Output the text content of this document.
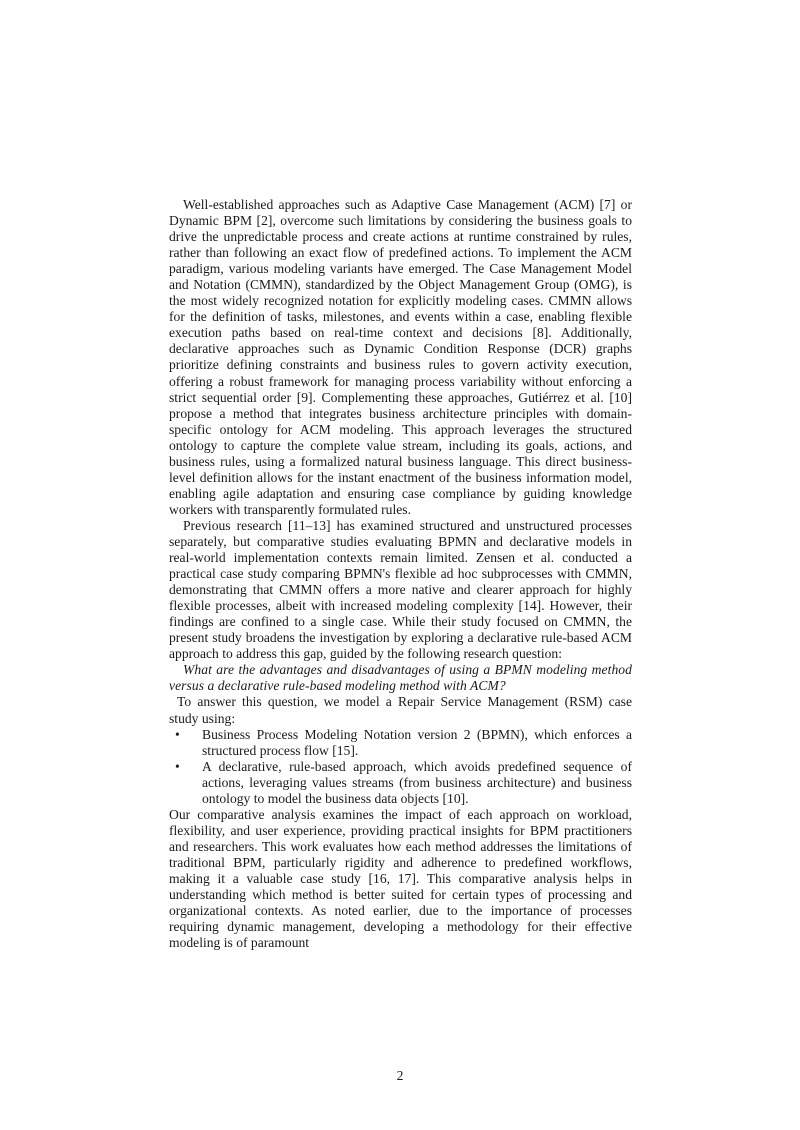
Well-established approaches such as Adaptive Case Management (ACM) [7] or Dynamic BPM [2], overcome such limitations by considering the business goals to drive the unpredictable process and create actions at runtime constrained by rules, rather than following an exact flow of predefined actions. To implement the ACM paradigm, various modeling variants have emerged. The Case Management Model and Notation (CMMN), standardized by the Object Management Group (OMG), is the most widely recognized notation for explicitly modeling cases. CMMN allows for the definition of tasks, milestones, and events within a case, enabling flexible execution paths based on real-time context and decisions [8]. Additionally, declarative approaches such as Dynamic Condition Response (DCR) graphs prioritize defining constraints and business rules to govern activity execution, offering a robust framework for managing process variability without enforcing a strict sequential order [9]. Complementing these approaches, Gutiérrez et al. [10] propose a method that integrates business architecture principles with domain-specific ontology for ACM modeling. This approach leverages the structured ontology to capture the complete value stream, including its goals, actions, and business rules, using a formalized natural business language. This direct business-level definition allows for the instant enactment of the business information model, enabling agile adaptation and ensuring case compliance by guiding knowledge workers with transparently formulated rules.

Previous research [11–13] has examined structured and unstructured processes separately, but comparative studies evaluating BPMN and declarative models in real-world implementation contexts remain limited. Zensen et al. conducted a practical case study comparing BPMN's flexible ad hoc subprocesses with CMMN, demonstrating that CMMN offers a more native and clearer approach for highly flexible processes, albeit with increased modeling complexity [14]. However, their findings are confined to a single case. While their study focused on CMMN, the present study broadens the investigation by exploring a declarative rule-based ACM approach to address this gap, guided by the following research question:

What are the advantages and disadvantages of using a BPMN modeling method versus a declarative rule-based modeling method with ACM?

To answer this question, we model a Repair Service Management (RSM) case study using:

• Business Process Modeling Notation version 2 (BPMN), which enforces a structured process flow [15].
• A declarative, rule-based approach, which avoids predefined sequence of actions, leveraging values streams (from business architecture) and business ontology to model the business data objects [10].

Our comparative analysis examines the impact of each approach on workload, flexibility, and user experience, providing practical insights for BPM practitioners and researchers. This work evaluates how each method addresses the limitations of traditional BPM, particularly rigidity and adherence to predefined workflows, making it a valuable case study [16, 17]. This comparative analysis helps in understanding which method is better suited for certain types of processing and organizational contexts. As noted earlier, due to the importance of processes requiring dynamic management, developing a methodology for their effective modeling is of paramount

2
